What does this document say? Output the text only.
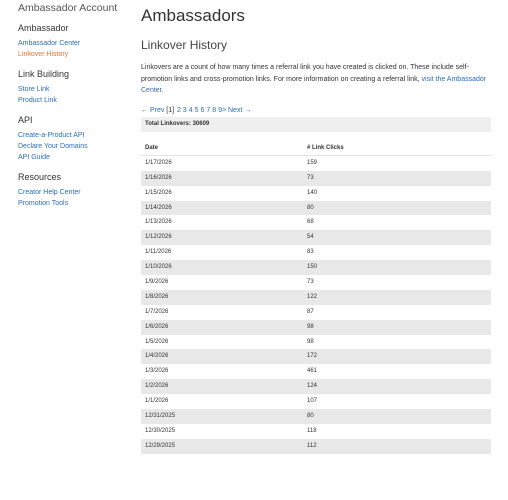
Ambassador Account
Ambassador
Ambassador Center
Linkover History
Link Building
Store Link
Product Link
API
Create-a-Product API
Declare Your Domains
API Guide
Resources
Creator Help Center
Promotion Tools
Ambassadors
Linkover History

Linkovers are a count of how many times a referral link you have created is clicked on. These include self-promotion links and cross-promotion links. For more information on creating a referral link, visit the Ambassador Center.

← Prev [1] 2 3 4 5 6 7 8 9> Next →
Total Linkovers: 30609
Date	# Link Clicks
1/17/2026	159
1/16/2026	73
1/15/2026	140
1/14/2026	80
1/13/2026	68
1/12/2026	54
1/11/2026	83
1/10/2026	150
1/9/2026	73
1/8/2026	122
1/7/2026	87
1/6/2026	98
1/5/2026	98
1/4/2026	172
1/3/2026	461
1/2/2026	124
1/1/2026	107
12/31/2025	80
12/30/2025	118
12/29/2025	112
